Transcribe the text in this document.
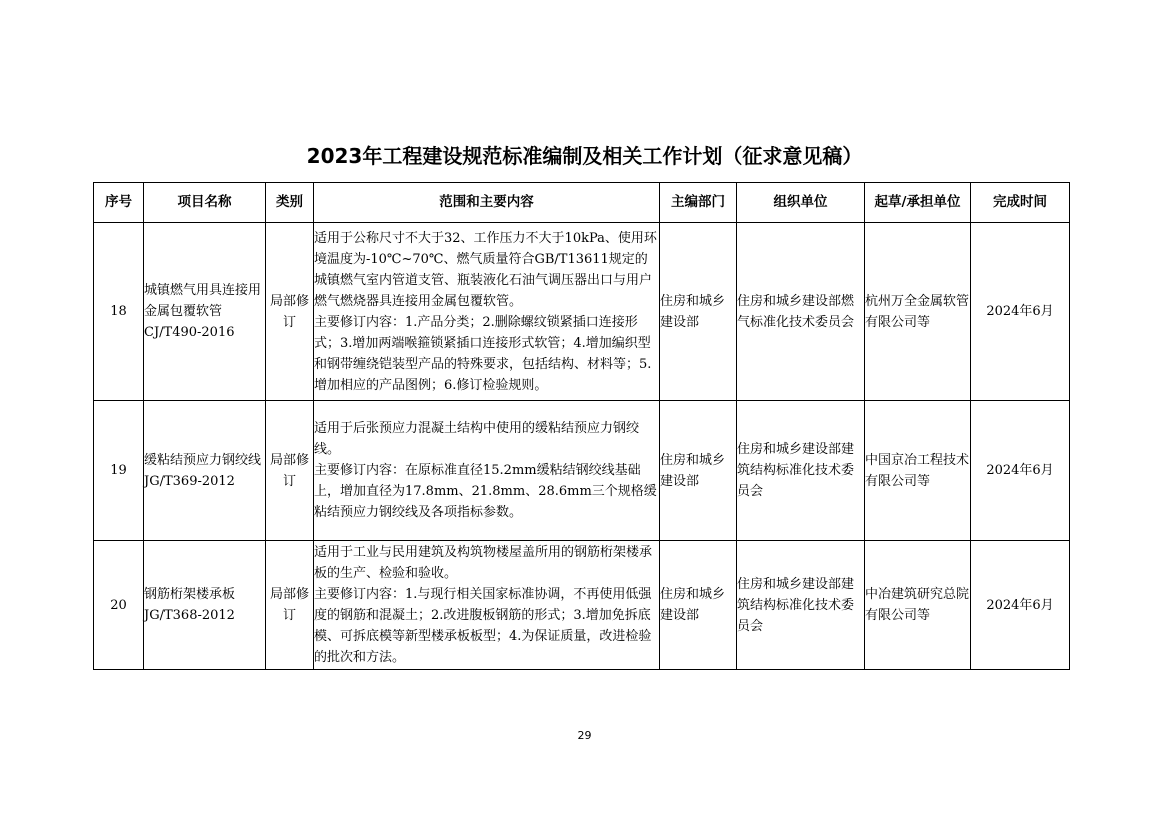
2023年工程建设规范标准编制及相关工作计划（征求意见稿）
序号	项目名称	类别	范围和主要内容	主编部门	组织单位	起草/承担单位	完成时间
18	城镇燃气用具连接用金属包覆软管CJ/T490-2016	局部修订	适用于公称尺寸不大于32、工作压力不大于10kPa、使用环境温度为-10℃~70℃、燃气质量符合GB/T13611规定的城镇燃气室内管道支管、瓶装液化石油气调压器出口与用户燃气燃烧器具连接用金属包覆软管。
主要修订内容：1.产品分类；2.删除螺纹锁紧插口连接形式；3.增加两端喉箍锁紧插口连接形式软管；4.增加编织型和钢带缠绕铠装型产品的特殊要求，包括结构、材料等；5.增加相应的产品图例；6.修订检验规则。	住房和城乡建设部	住房和城乡建设部燃气标准化技术委员会	杭州万全金属软管有限公司等	2024年6月
19	缓粘结预应力钢绞线JG/T369-2012	局部修订	适用于后张预应力混凝土结构中使用的缓粘结预应力钢绞线。
主要修订内容：在原标准直径15.2mm缓粘结钢绞线基础上，增加直径为17.8mm、21.8mm、28.6mm三个规格缓粘结预应力钢绞线及各项指标参数。	住房和城乡建设部	住房和城乡建设部建筑结构标准化技术委员会	中国京冶工程技术有限公司等	2024年6月
20	钢筋桁架楼承板JG/T368-2012	局部修订	适用于工业与民用建筑及构筑物楼屋盖所用的钢筋桁架楼承板的生产、检验和验收。
主要修订内容：1.与现行相关国家标准协调，不再使用低强度的钢筋和混凝土；2.改进腹板钢筋的形式；3.增加免拆底模、可拆底模等新型楼承板板型；4.为保证质量，改进检验的批次和方法。	住房和城乡建设部	住房和城乡建设部建筑结构标准化技术委员会	中冶建筑研究总院有限公司等	2024年6月
29
